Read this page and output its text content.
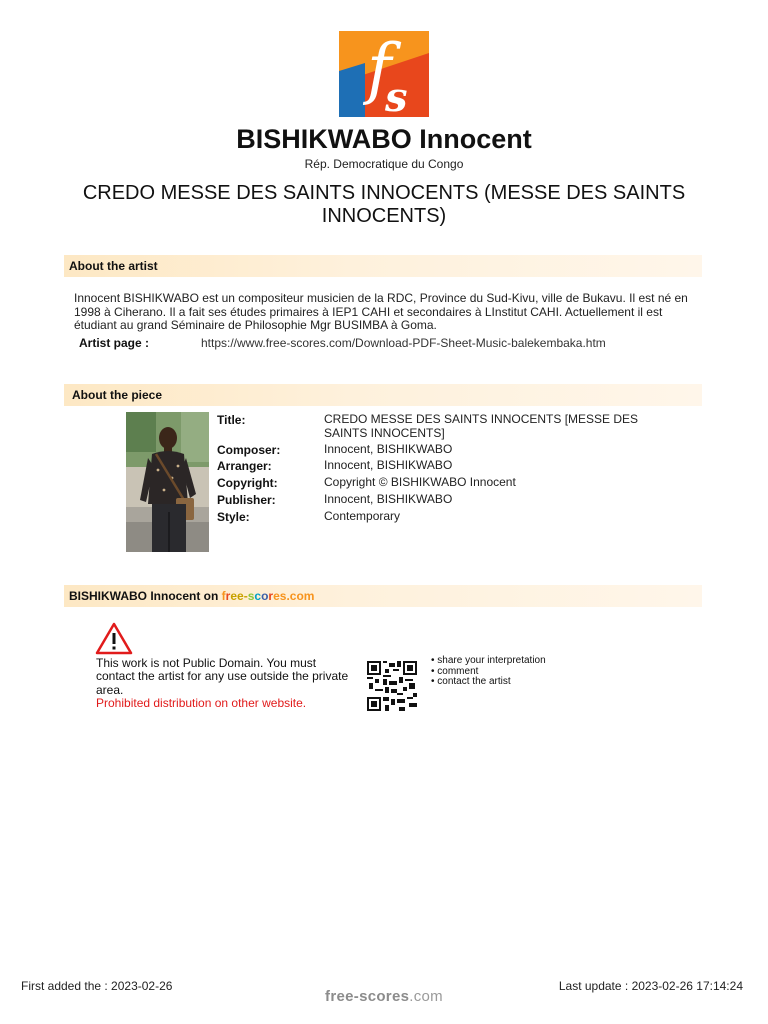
f
s
BISHIKWABO Innocent
Rép. Democratique du Congo
CREDO MESSE DES SAINTS INNOCENTS (MESSE DES SAINTS INNOCENTS)
About the artist
Innocent BISHIKWABO est un compositeur musicien de la RDC, Province du Sud-Kivu, ville de Bukavu. Il est né en 1998 à Ciherano. Il a fait ses études primaires à IEP1 CAHI et secondaires à LInstitut CAHI. Actuellement il est étudiant au grand Séminaire de Philosophie Mgr BUSIMBA à Goma.
Artist page :	https://www.free-scores.com/Download-PDF-Sheet-Music-balekembaka.htm
About the piece
Title:	CREDO MESSE DES SAINTS INNOCENTS [MESSE DES SAINTS INNOCENTS]
Composer:	Innocent, BISHIKWABO
Arranger:	Innocent, BISHIKWABO
Copyright:	Copyright © BISHIKWABO Innocent
Publisher:	Innocent, BISHIKWABO
Style:	Contemporary
BISHIKWABO Innocent on free-scores.com
This work is not Public Domain. You must contact the artist for any use outside the private area.
Prohibited distribution on other website.
• share your interpretation
• comment
• contact the artist
First added the : 2023-02-26	Last update : 2023-02-26 17:14:24
free-scores.com
